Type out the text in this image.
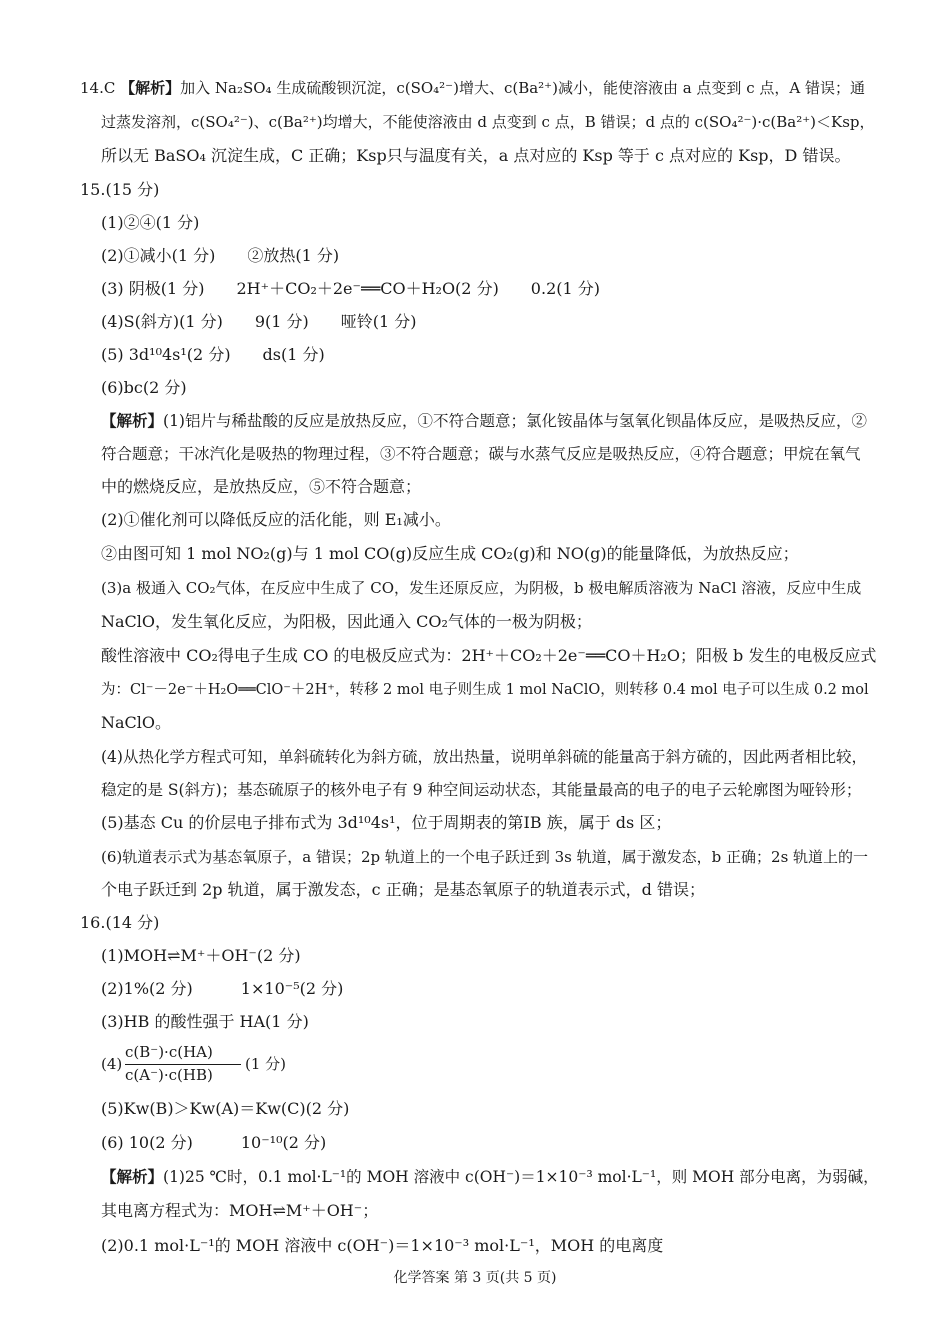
14.C 【解析】加入 Na₂SO₄ 生成硫酸钡沉淀，c(SO₄²⁻)增大、c(Ba²⁺)减小，能使溶液由 a 点变到 c 点，A 错误；通
过蒸发溶剂，c(SO₄²⁻)、c(Ba²⁺)均增大，不能使溶液由 d 点变到 c 点，B 错误；d 点的 c(SO₄²⁻)·c(Ba²⁺)＜Ksp，
所以无 BaSO₄ 沉淀生成，C 正确；Ksp只与温度有关，a 点对应的 Ksp 等于 c 点对应的 Ksp，D 错误。
15.(15 分)
(1)②④(1 分)
(2)①减小(1 分)　　②放热(1 分)
(3) 阴极(1 分)　　2H⁺＋CO₂＋2e⁻══CO＋H₂O(2 分)　　0.2(1 分)
(4)S(斜方)(1 分)　　9(1 分)　　哑铃(1 分)
(5) 3d¹⁰4s¹(2 分)　　ds(1 分)
(6)bc(2 分)
【解析】(1)铝片与稀盐酸的反应是放热反应，①不符合题意；氯化铵晶体与氢氧化钡晶体反应，是吸热反应，②
符合题意；干冰汽化是吸热的物理过程，③不符合题意；碳与水蒸气反应是吸热反应，④符合题意；甲烷在氧气
中的燃烧反应，是放热反应，⑤不符合题意；
(2)①催化剂可以降低反应的活化能，则 E₁减小。
②由图可知 1 mol NO₂(g)与 1 mol CO(g)反应生成 CO₂(g)和 NO(g)的能量降低，为放热反应；
(3)a 极通入 CO₂气体，在反应中生成了 CO，发生还原反应，为阴极，b 极电解质溶液为 NaCl 溶液，反应中生成
NaClO，发生氧化反应，为阳极，因此通入 CO₂气体的一极为阴极；
酸性溶液中 CO₂得电子生成 CO 的电极反应式为：2H⁺＋CO₂＋2e⁻══CO＋H₂O；阳极 b 发生的电极反应式
为：Cl⁻－2e⁻＋H₂O══ClO⁻＋2H⁺，转移 2 mol 电子则生成 1 mol NaClO，则转移 0.4 mol 电子可以生成 0.2 mol
NaClO。
(4)从热化学方程式可知，单斜硫转化为斜方硫，放出热量，说明单斜硫的能量高于斜方硫的，因此两者相比较，
稳定的是 S(斜方)；基态硫原子的核外电子有 9 种空间运动状态，其能量最高的电子的电子云轮廓图为哑铃形；
(5)基态 Cu 的价层电子排布式为 3d¹⁰4s¹，位于周期表的第ⅠB 族，属于 ds 区；
(6)轨道表示式为基态氧原子，a 错误；2p 轨道上的一个电子跃迁到 3s 轨道，属于激发态，b 正确；2s 轨道上的一
个电子跃迁到 2p 轨道，属于激发态，c 正确；是基态氧原子的轨道表示式，d 错误；
16.(14 分)
(1)MOH⇌M⁺＋OH⁻(2 分)
(2)1%(2 分)　　　1×10⁻⁵(2 分)
(3)HB 的酸性强于 HA(1 分)
(4)
c(B⁻)·c(HA)
c(A⁻)·c(HB)
(1 分)
(5)Kw(B)＞Kw(A)＝Kw(C)(2 分)
(6) 10(2 分)　　　10⁻¹⁰(2 分)
【解析】(1)25 ℃时，0.1 mol·L⁻¹的 MOH 溶液中 c(OH⁻)＝1×10⁻³ mol·L⁻¹，则 MOH 部分电离，为弱碱，
其电离方程式为：MOH⇌M⁺＋OH⁻；
(2)0.1 mol·L⁻¹的 MOH 溶液中 c(OH⁻)＝1×10⁻³ mol·L⁻¹，MOH 的电离度
化学答案 第 3 页(共 5 页)
